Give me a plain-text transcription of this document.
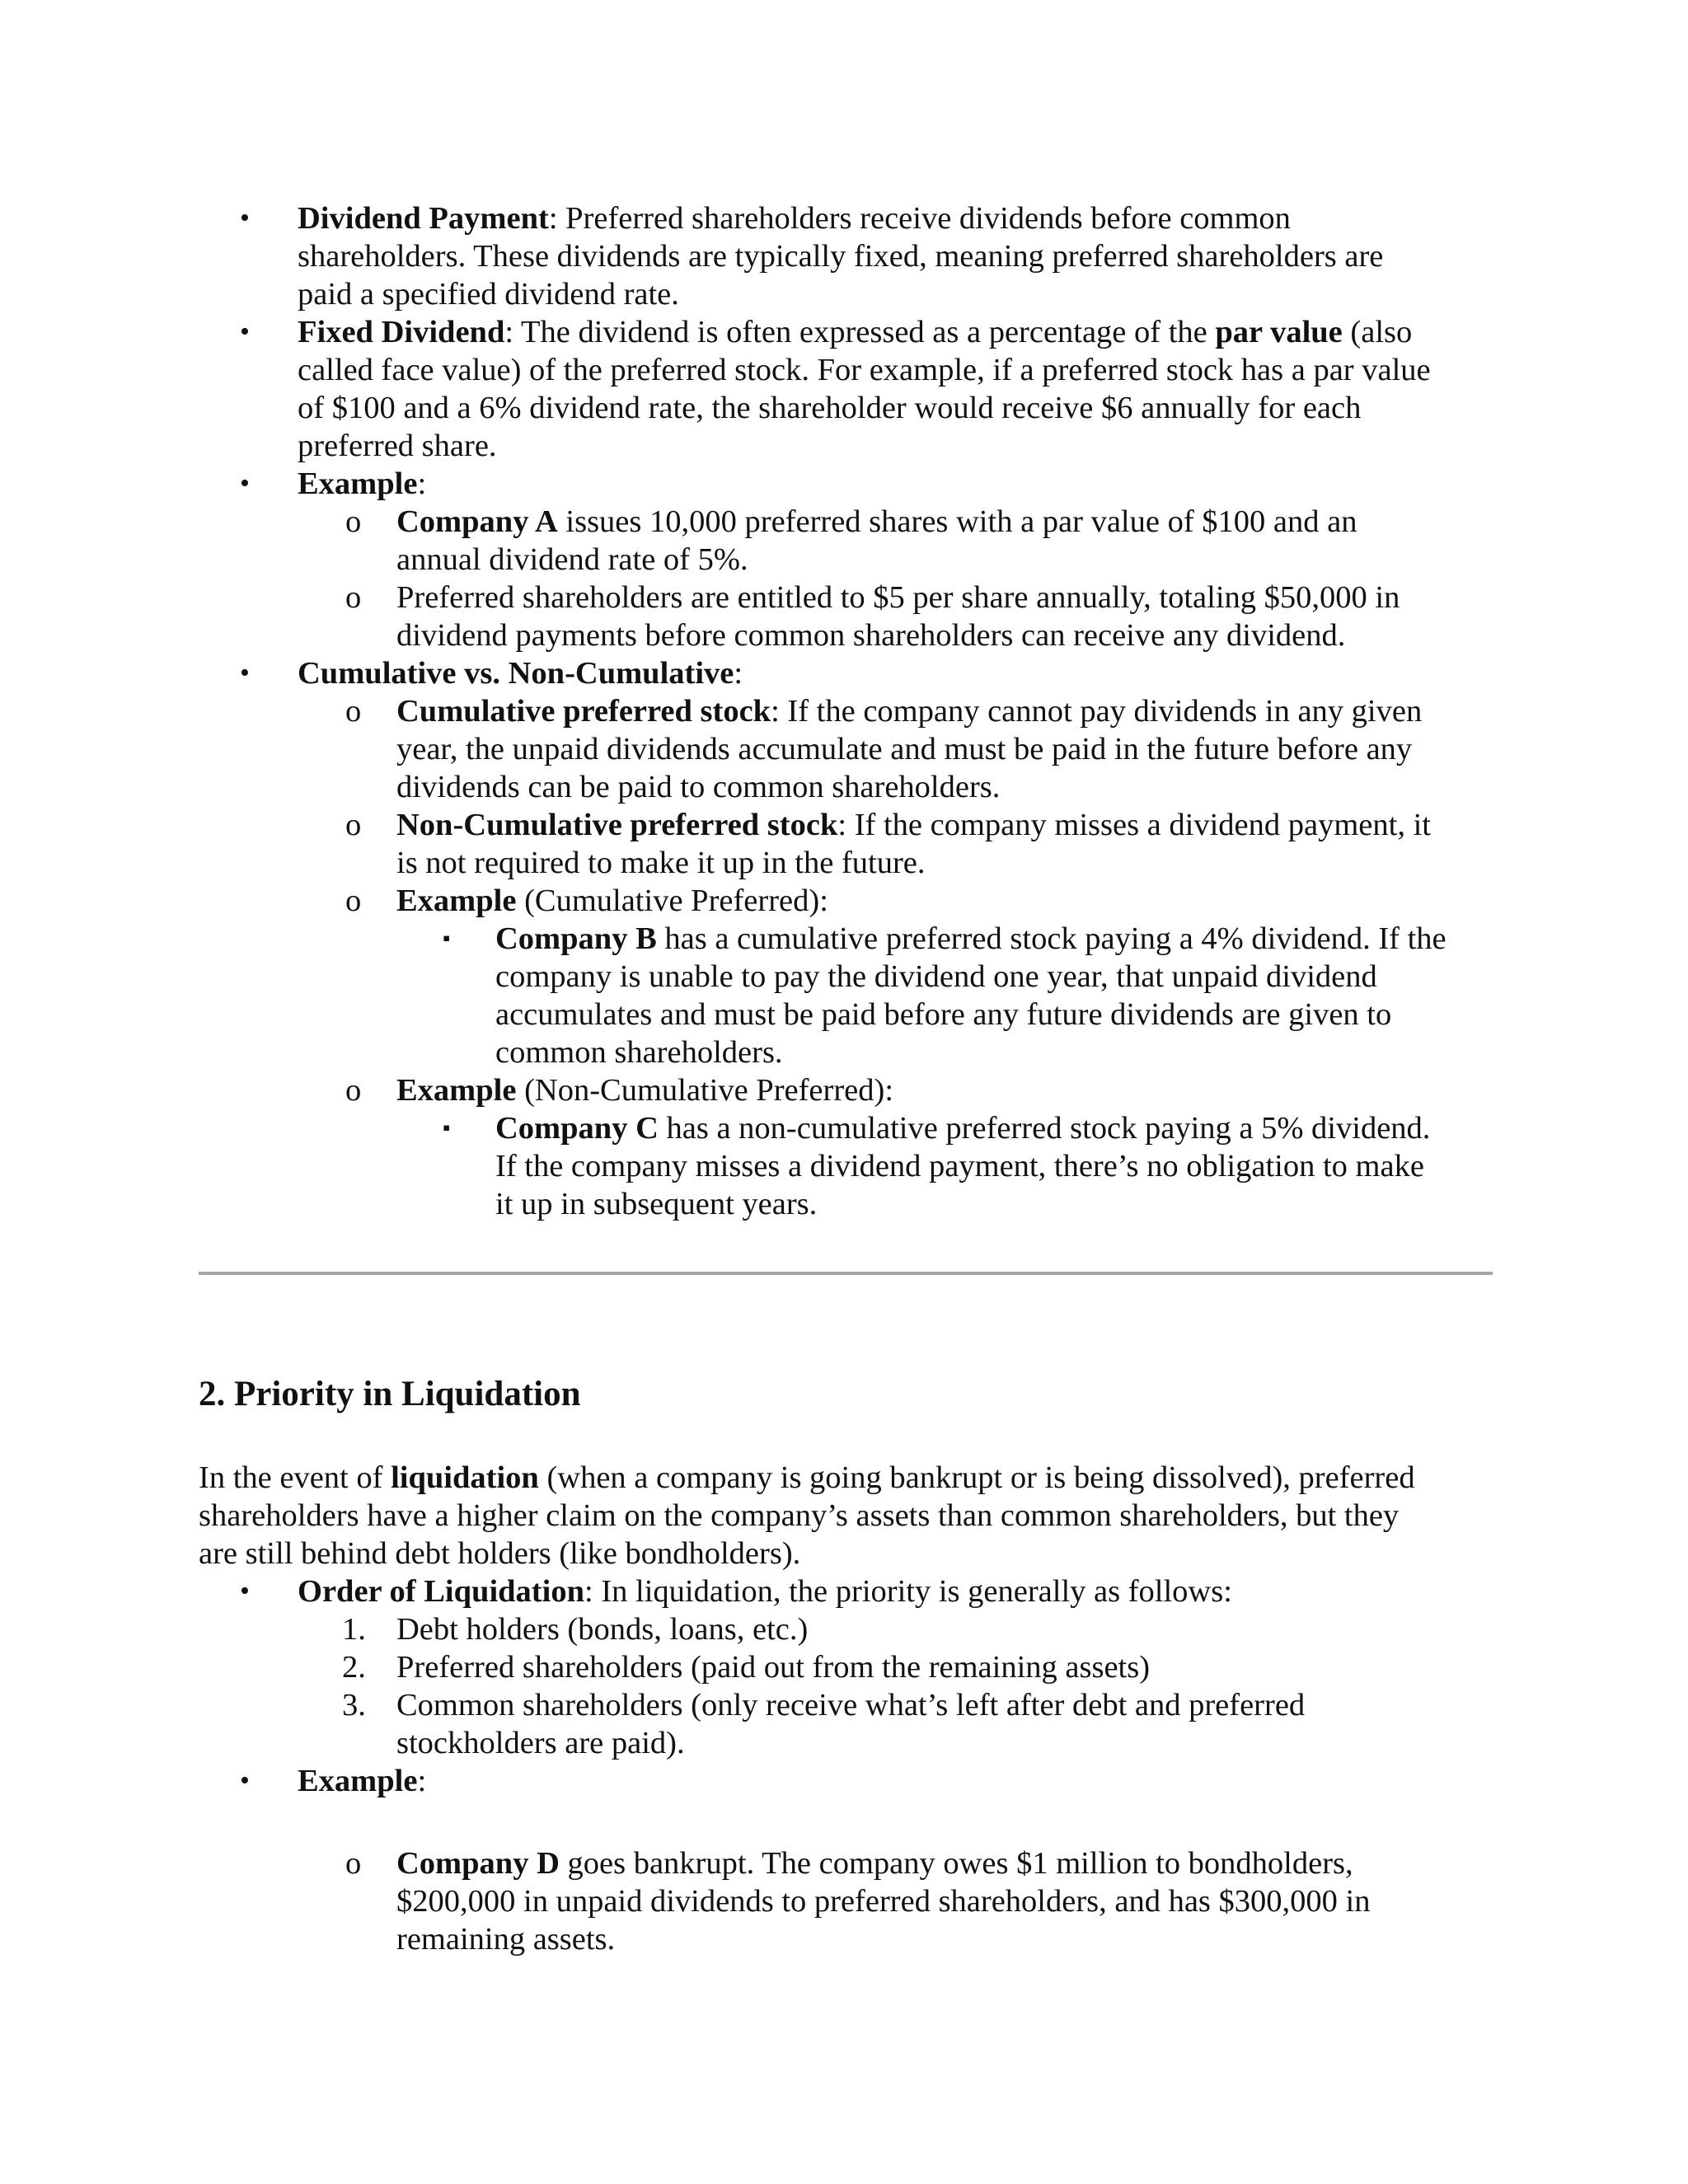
• Dividend Payment: Preferred shareholders receive dividends before common
shareholders. These dividends are typically fixed, meaning preferred shareholders are
paid a specified dividend rate.
• Fixed Dividend: The dividend is often expressed as a percentage of the par value (also
called face value) of the preferred stock. For example, if a preferred stock has a par value
of $100 and a 6% dividend rate, the shareholder would receive $6 annually for each
preferred share.
• Example:
o Company A issues 10,000 preferred shares with a par value of $100 and an
annual dividend rate of 5%.
o Preferred shareholders are entitled to $5 per share annually, totaling $50,000 in
dividend payments before common shareholders can receive any dividend.
• Cumulative vs. Non-Cumulative:
o Cumulative preferred stock: If the company cannot pay dividends in any given
year, the unpaid dividends accumulate and must be paid in the future before any
dividends can be paid to common shareholders.
o Non-Cumulative preferred stock: If the company misses a dividend payment, it
is not required to make it up in the future.
o Example (Cumulative Preferred):
▪ Company B has a cumulative preferred stock paying a 4% dividend. If the
company is unable to pay the dividend one year, that unpaid dividend
accumulates and must be paid before any future dividends are given to
common shareholders.
o Example (Non-Cumulative Preferred):
▪ Company C has a non-cumulative preferred stock paying a 5% dividend.
If the company misses a dividend payment, there’s no obligation to make
it up in subsequent years.
2. Priority in Liquidation
In the event of liquidation (when a company is going bankrupt or is being dissolved), preferred
shareholders have a higher claim on the company’s assets than common shareholders, but they
are still behind debt holders (like bondholders).
• Order of Liquidation: In liquidation, the priority is generally as follows:
1. Debt holders (bonds, loans, etc.)
2. Preferred shareholders (paid out from the remaining assets)
3. Common shareholders (only receive what’s left after debt and preferred
stockholders are paid).
• Example:
o Company D goes bankrupt. The company owes $1 million to bondholders,
$200,000 in unpaid dividends to preferred shareholders, and has $300,000 in
remaining assets.
